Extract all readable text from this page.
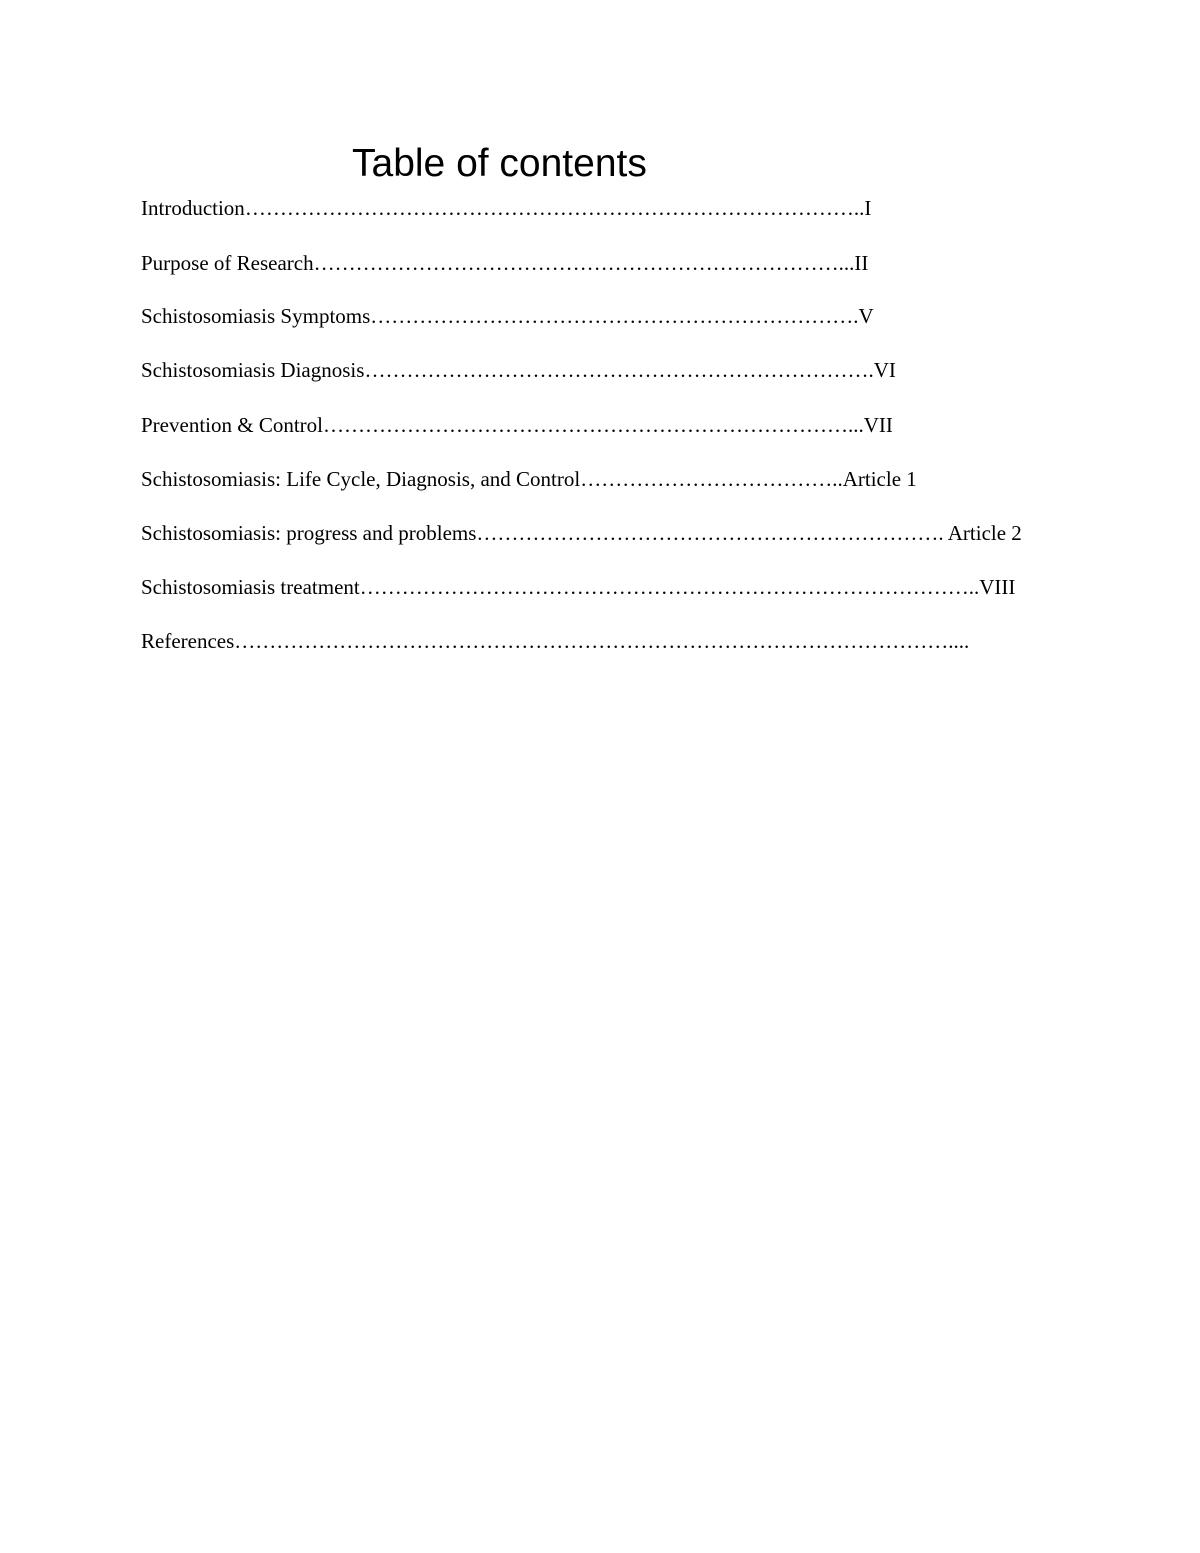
Table of contents
Introduction……………………………………………………………………………..I
Purpose of Research…………………………………………………………………...II
Schistosomiasis Symptoms…………………………………………………………….V
Schistosomiasis Diagnosis……………………………………………………………….VI
Prevention & Control…………………………………………………………………...VII
Schistosomiasis: Life Cycle, Diagnosis, and Control………………………………..Article 1
Schistosomiasis: progress and problems…………………………………………………………. Article 2
Schistosomiasis treatment……………………………………………………………………………..VIII
References…………………………………………………………………………………………....
